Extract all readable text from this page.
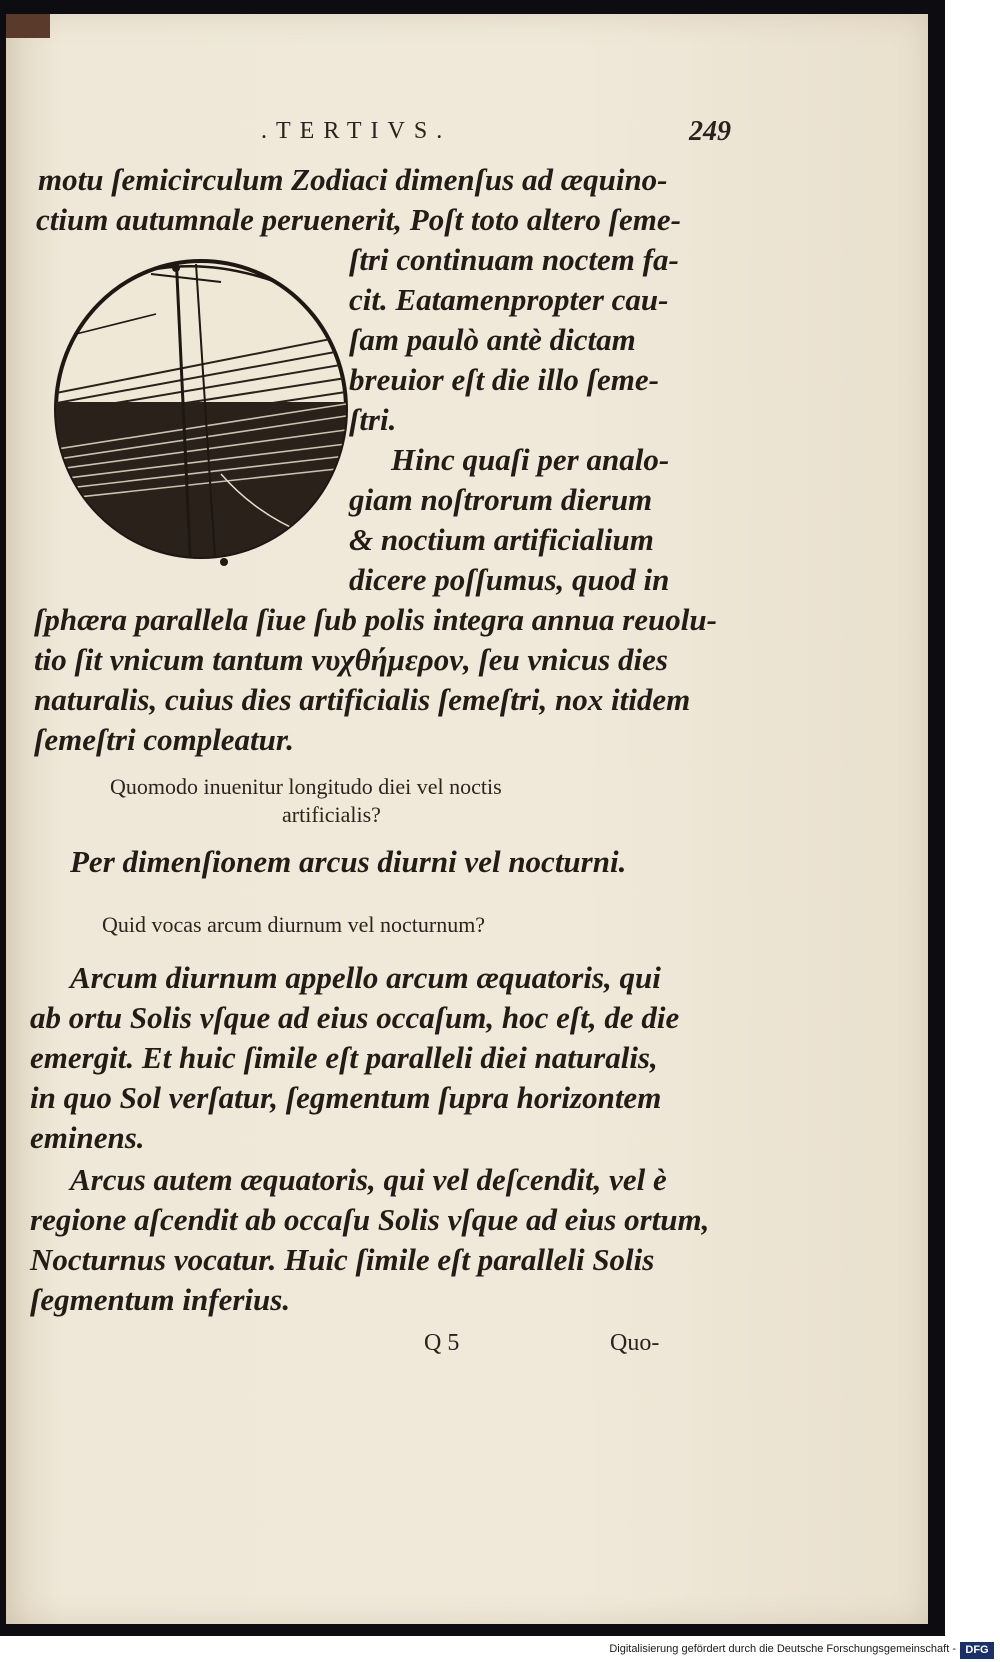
.TERTIVS.	249
motu ſemicirculum Zodiaci dimenſus ad æquino-
ctium autumnale peruenerit, Poſt toto altero ſeme-
ſtri continuam noctem fa-
cit. Eatamenpropter cau-
ſam paulò antè dictam
breuior eſt die illo ſeme-
ſtri.
Hinc quaſi per analo-
giam noſtrorum dierum
& noctium artificialium
dicere poſſumus, quod in
ſphæra parallela ſiue ſub polis integra annua reuolu-
tio ſit vnicum tantum νυχθήμερον, ſeu vnicus dies
naturalis, cuius dies artificialis ſemeſtri, nox itidem
ſemeſtri compleatur.
Quomodo inuenitur longitudo diei vel noctis
artificialis?
Per dimenſionem arcus diurni vel nocturni.
Quid vocas arcum diurnum vel nocturnum?
Arcum diurnum appello arcum æquatoris, qui
ab ortu Solis vſque ad eius occaſum, hoc eſt, de die
emergit. Et huic ſimile eſt paralleli diei naturalis,
in quo Sol verſatur, ſegmentum ſupra horizontem
eminens.
Arcus autem æquatoris, qui vel deſcendit, vel è
regione aſcendit ab occaſu Solis vſque ad eius ortum,
Nocturnus vocatur. Huic ſimile eſt paralleli Solis
ſegmentum inferius.
Q 5	Quo-
Digitalisierung gefördert durch die Deutsche Forschungsgemeinschaft - DFG
